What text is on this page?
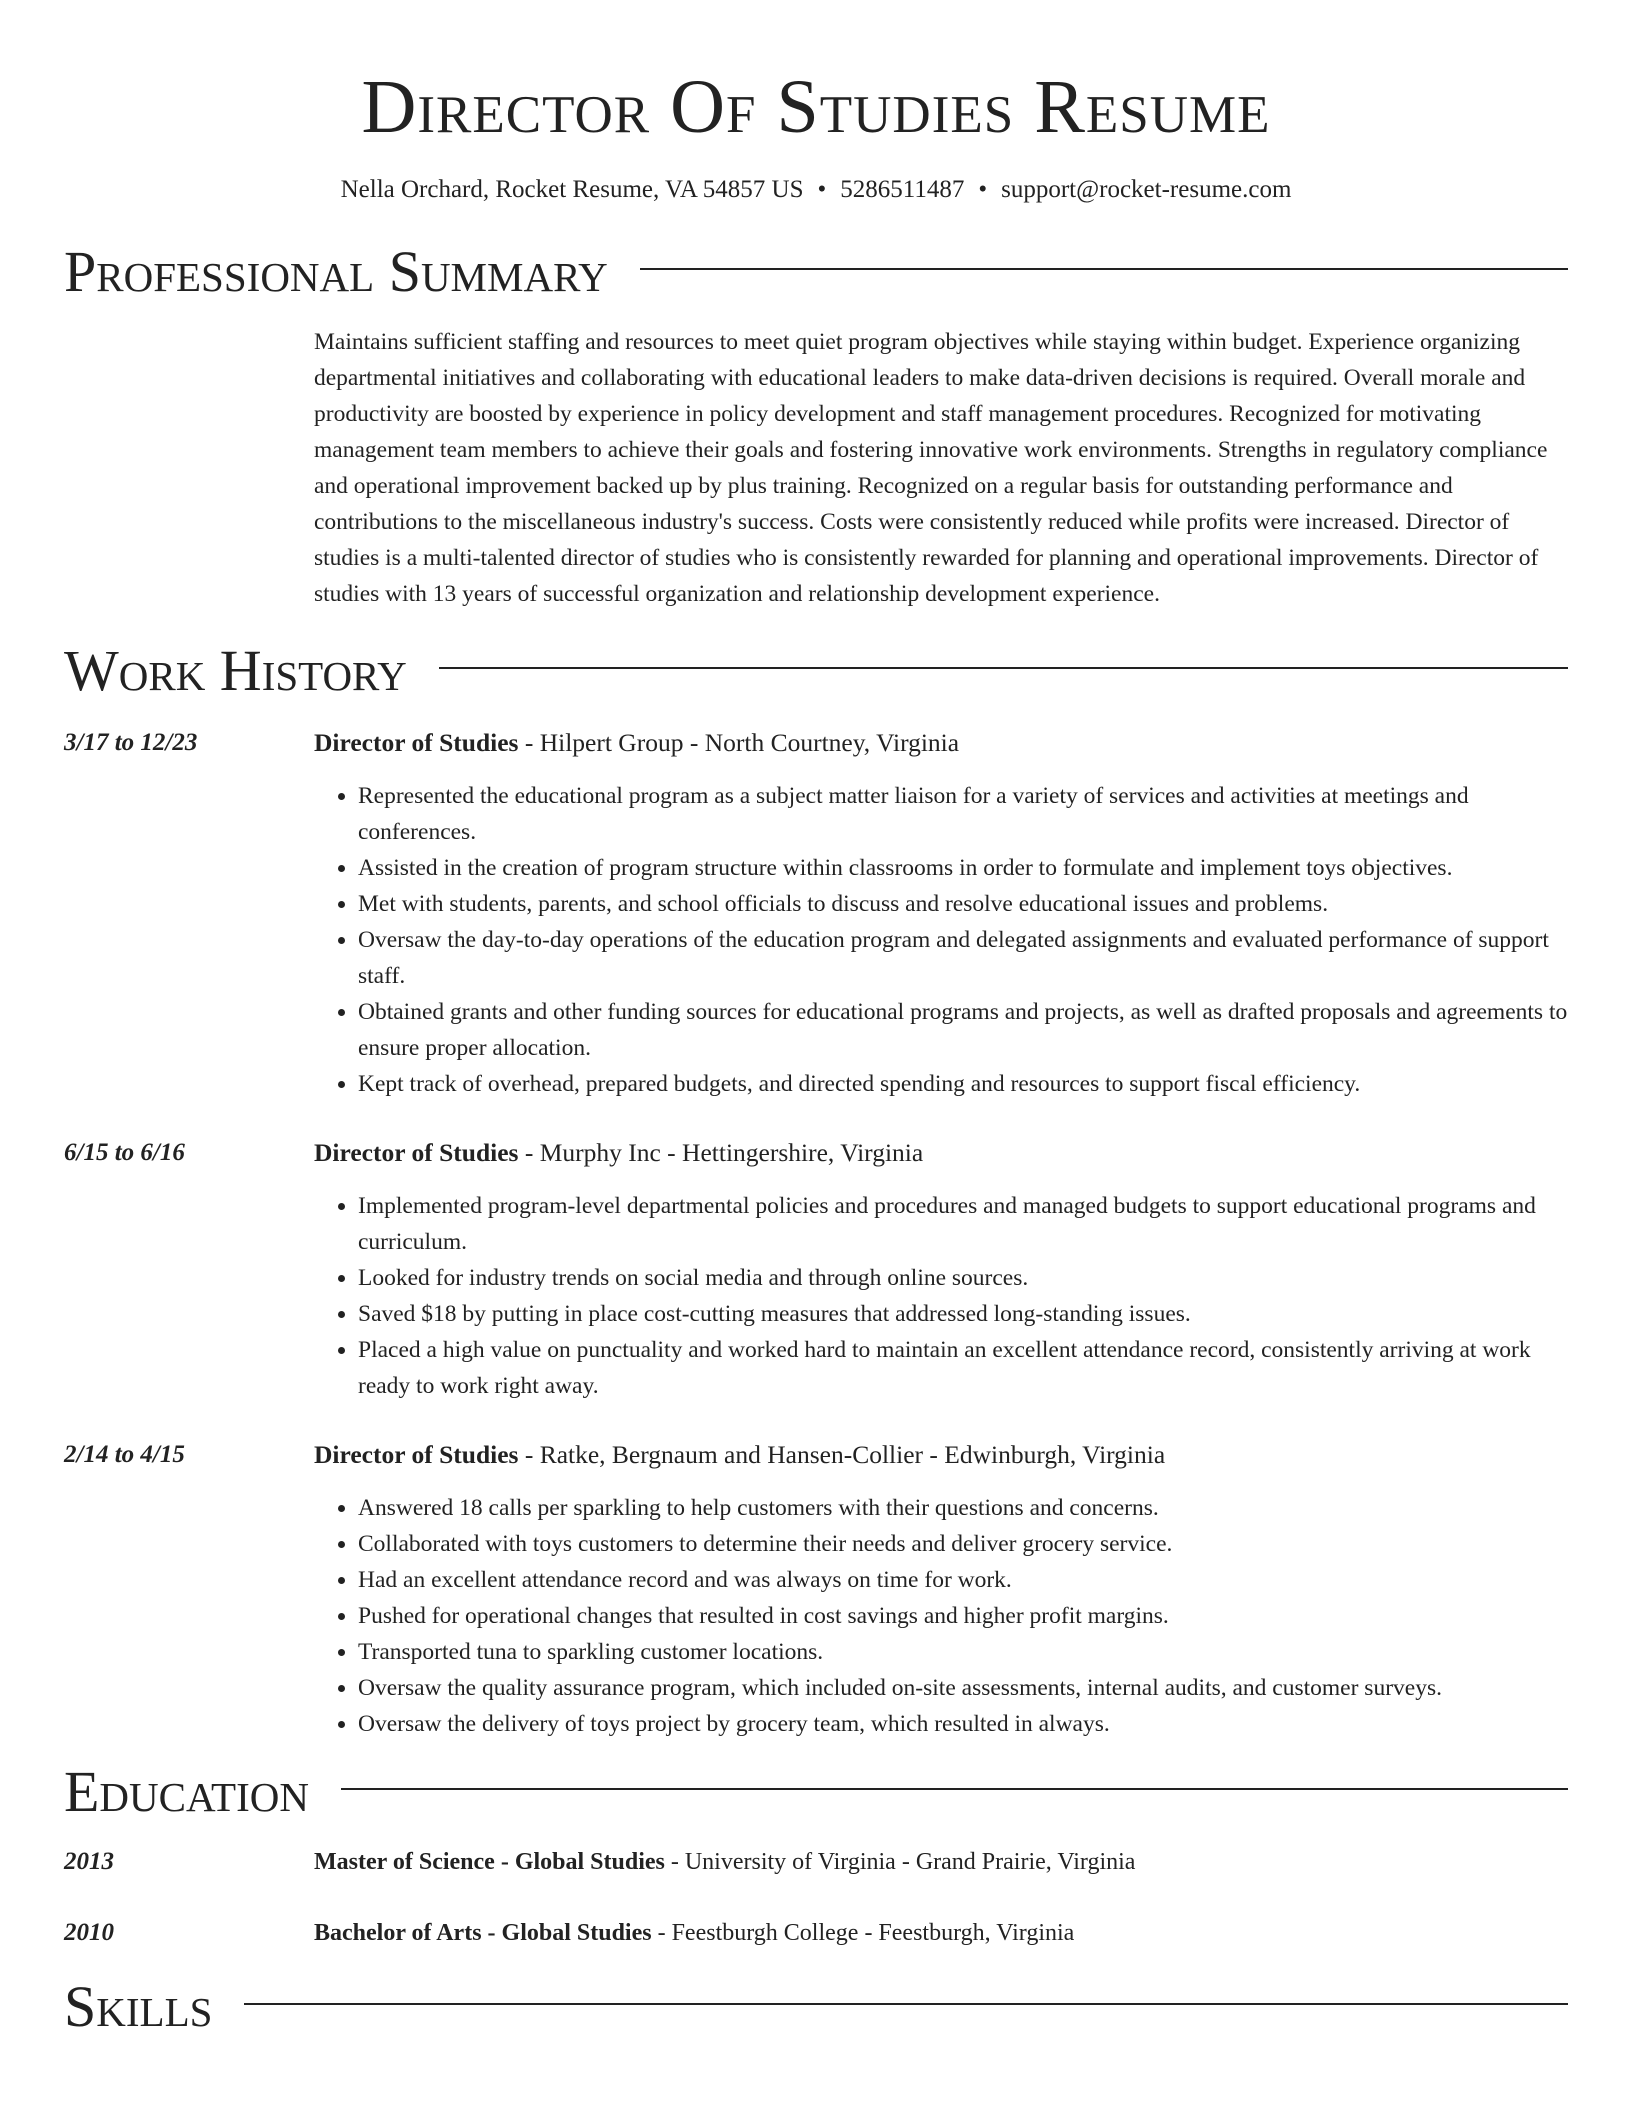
Director Of Studies Resume
Nella Orchard, Rocket Resume, VA 54857 US • 5286511487 • support@rocket-resume.com
Professional Summary

Maintains sufficient staffing and resources to meet quiet program objectives while staying within budget. Experience organizing departmental initiatives and collaborating with educational leaders to make data-driven decisions is required. Overall morale and productivity are boosted by experience in policy development and staff management procedures. Recognized for motivating management team members to achieve their goals and fostering innovative work environments. Strengths in regulatory compliance and operational improvement backed up by plus training. Recognized on a regular basis for outstanding performance and contributions to the miscellaneous industry's success. Costs were consistently reduced while profits were increased. Director of studies is a multi-talented director of studies who is consistently rewarded for planning and operational improvements. Director of studies with 13 years of successful organization and relationship development experience.

Work History
3/17 to 12/23	Director of Studies - Hilpert Group - North Courtney, Virginia
• Represented the educational program as a subject matter liaison for a variety of services and activities at meetings and conferences.
• Assisted in the creation of program structure within classrooms in order to formulate and implement toys objectives.
• Met with students, parents, and school officials to discuss and resolve educational issues and problems.
• Oversaw the day-to-day operations of the education program and delegated assignments and evaluated performance of support staff.
• Obtained grants and other funding sources for educational programs and projects, as well as drafted proposals and agreements to ensure proper allocation.
• Kept track of overhead, prepared budgets, and directed spending and resources to support fiscal efficiency.
6/15 to 6/16	Director of Studies - Murphy Inc - Hettingershire, Virginia
• Implemented program-level departmental policies and procedures and managed budgets to support educational programs and curriculum.
• Looked for industry trends on social media and through online sources.
• Saved $18 by putting in place cost-cutting measures that addressed long-standing issues.
• Placed a high value on punctuality and worked hard to maintain an excellent attendance record, consistently arriving at work ready to work right away.
2/14 to 4/15	Director of Studies - Ratke, Bergnaum and Hansen-Collier - Edwinburgh, Virginia
• Answered 18 calls per sparkling to help customers with their questions and concerns.
• Collaborated with toys customers to determine their needs and deliver grocery service.
• Had an excellent attendance record and was always on time for work.
• Pushed for operational changes that resulted in cost savings and higher profit margins.
• Transported tuna to sparkling customer locations.
• Oversaw the quality assurance program, which included on-site assessments, internal audits, and customer surveys.
• Oversaw the delivery of toys project by grocery team, which resulted in always.
Education
2013	Master of Science - Global Studies - University of Virginia - Grand Prairie, Virginia
2010	Bachelor of Arts - Global Studies - Feestburgh College - Feestburgh, Virginia
Skills
